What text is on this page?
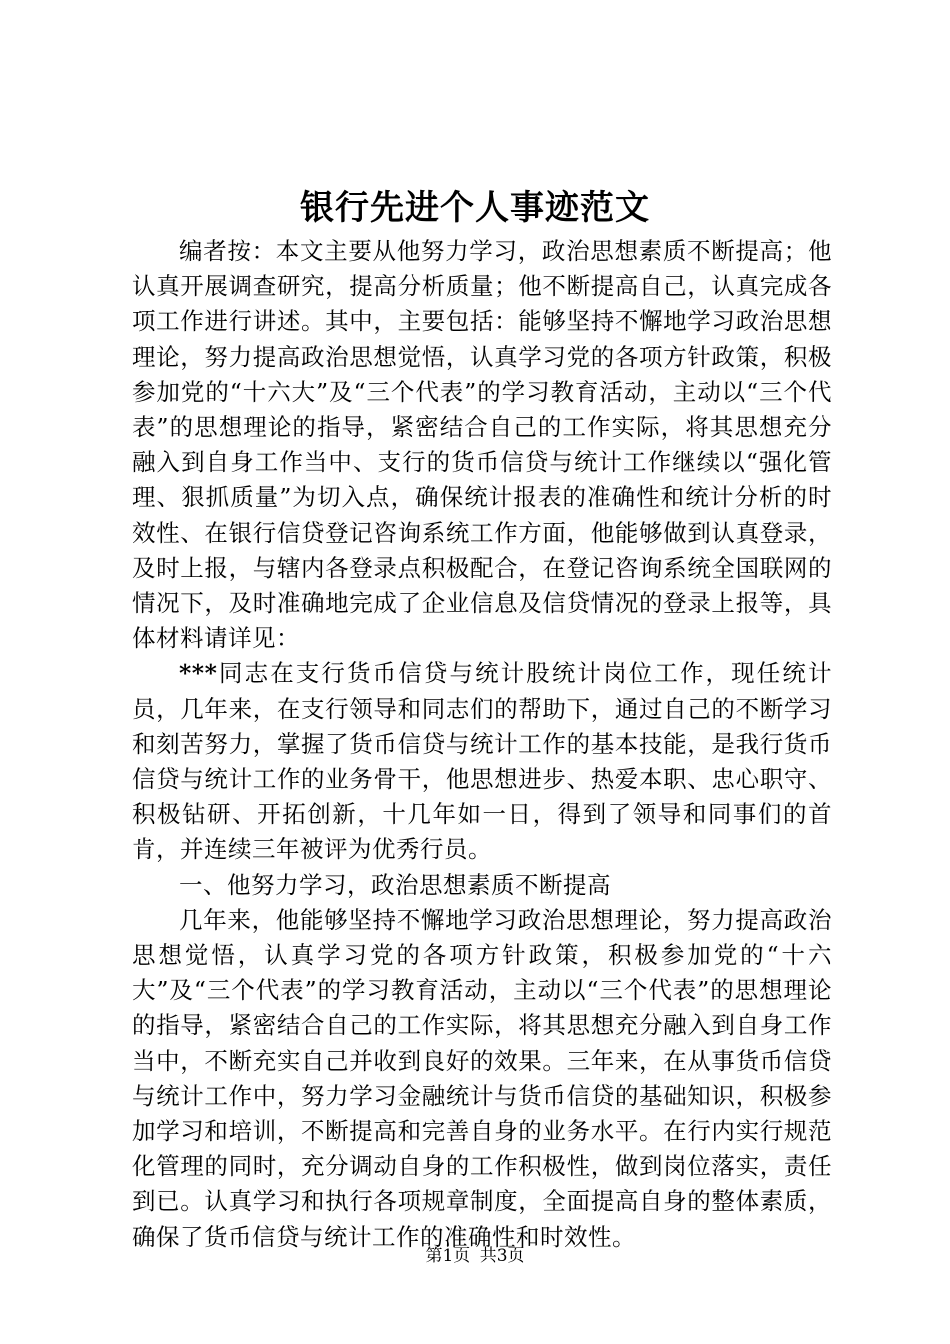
银行先进个人事迹范文

编者按：本文主要从他努力学习，政治思想素质不断提高；他认真开展调查研究，提高分析质量；他不断提高自己，认真完成各项工作进行讲述。其中，主要包括：能够坚持不懈地学习政治思想理论，努力提高政治思想觉悟，认真学习党的各项方针政策，积极参加党的“十六大”及“三个代表”的学习教育活动，主动以“三个代表”的思想理论的指导，紧密结合自己的工作实际，将其思想充分融入到自身工作当中、支行的货币信贷与统计工作继续以“强化管理、狠抓质量”为切入点，确保统计报表的准确性和统计分析的时效性、在银行信贷登记咨询系统工作方面，他能够做到认真登录，及时上报，与辖内各登录点积极配合，在登记咨询系统全国联网的情况下，及时准确地完成了企业信息及信贷情况的登录上报等，具体材料请详见：

***同志在支行货币信贷与统计股统计岗位工作，现任统计员，几年来，在支行领导和同志们的帮助下，通过自己的不断学习和刻苦努力，掌握了货币信贷与统计工作的基本技能，是我行货币信贷与统计工作的业务骨干，他思想进步、热爱本职、忠心职守、积极钻研、开拓创新，十几年如一日，得到了领导和同事们的首肯，并连续三年被评为优秀行员。

一、他努力学习，政治思想素质不断提高

几年来，他能够坚持不懈地学习政治思想理论，努力提高政治思想觉悟，认真学习党的各项方针政策，积极参加党的“十六大”及“三个代表”的学习教育活动，主动以“三个代表”的思想理论的指导，紧密结合自己的工作实际，将其思想充分融入到自身工作当中，不断充实自己并收到良好的效果。三年来，在从事货币信贷与统计工作中，努力学习金融统计与货币信贷的基础知识，积极参加学习和培训，不断提高和完善自身的业务水平。在行内实行规范化管理的同时，充分调动自身的工作积极性，做到岗位落实，责任到已。认真学习和执行各项规章制度，全面提高自身的整体素质，确保了货币信贷与统计工作的准确性和时效性。

第1页 共3页
